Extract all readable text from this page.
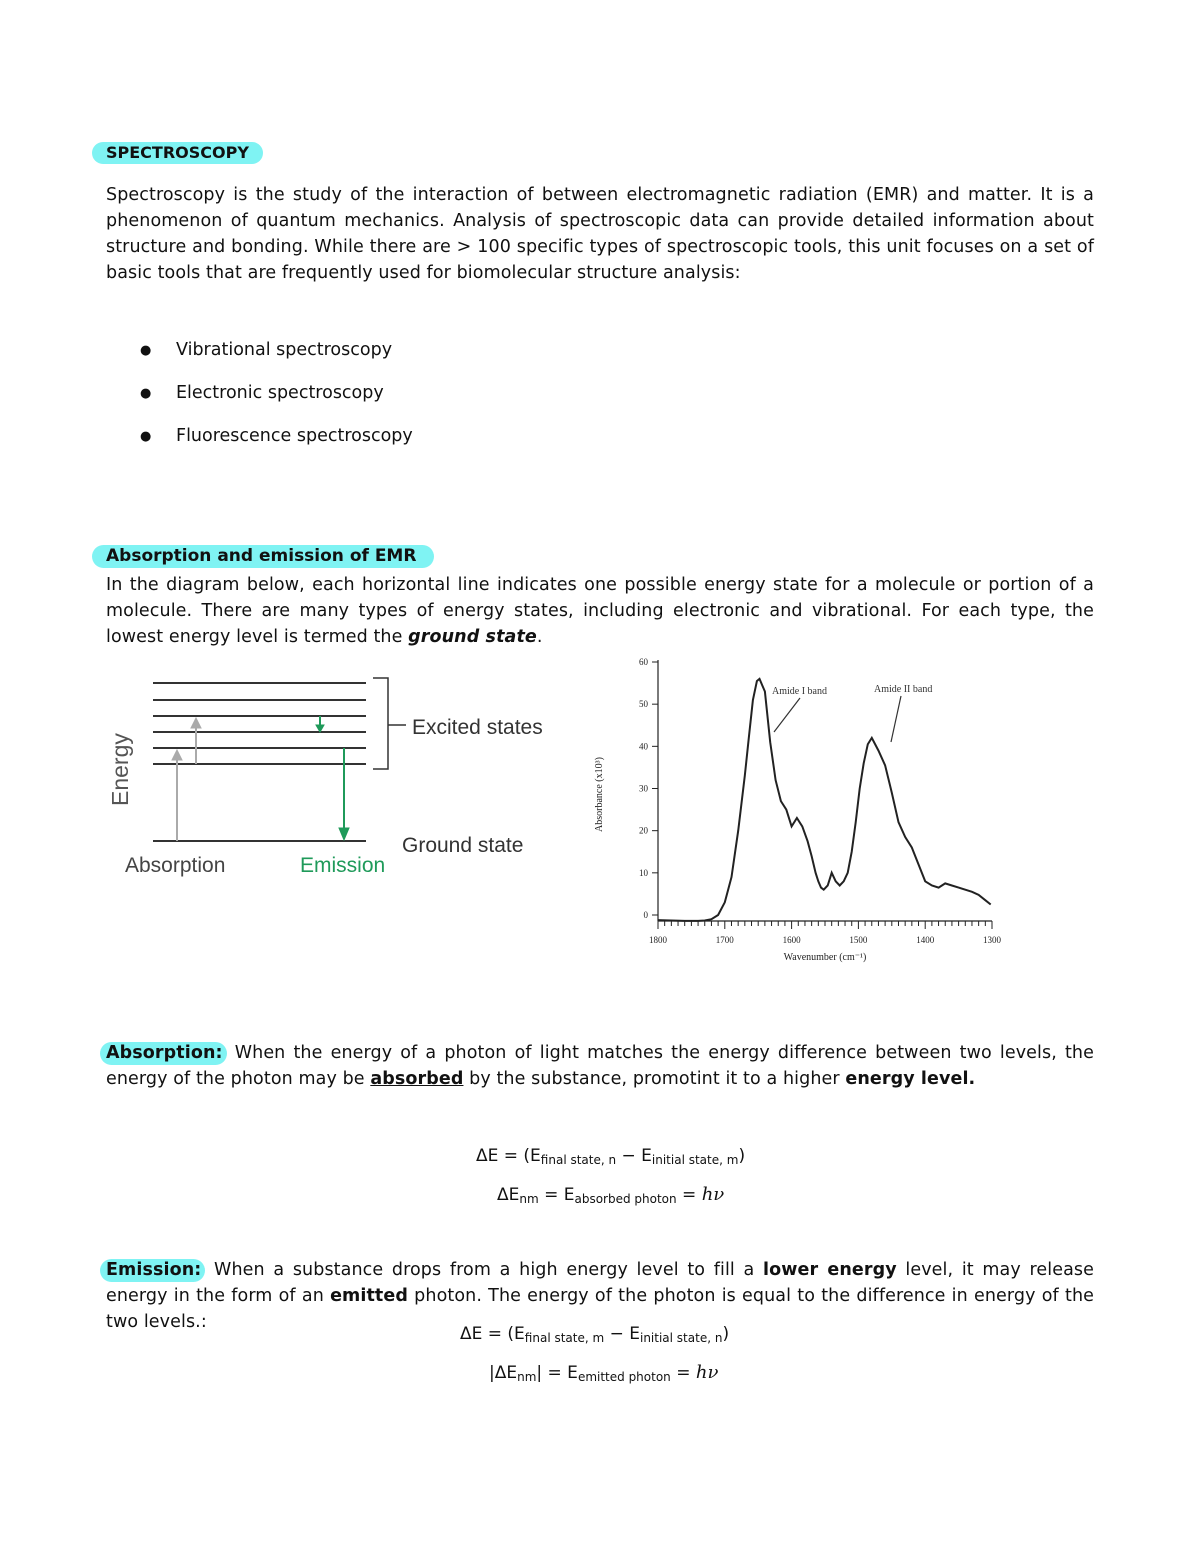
SPECTROSCOPY
Spectroscopy is the study of the interaction of between electromagnetic radiation (EMR) and matter. It is a phenomenon of quantum mechanics. Analysis of spectroscopic data can provide detailed information about structure and bonding. While there are > 100 specific types of spectroscopic tools, this unit focuses on a set of basic tools that are frequently used for biomolecular structure analysis:
● Vibrational spectroscopy
● Electronic spectroscopy
● Fluorescence spectroscopy
Absorption and emission of EMR
In the diagram below, each horizontal line indicates one possible energy state for a molecule or portion of a molecule. There are many types of energy states, including electronic and vibrational. For each type, the lowest energy level is termed the ground state.
Excited states
Ground state
Energy
Absorption	Emission
0
10
20
30
40
50
60
1800	1700	1600	1500	1400	1300
Amide I band	Amide II band
Absorbance (x10³)
Wavenumber (cm⁻¹)
Absorption: When the energy of a photon of light matches the energy difference between two levels, the energy of the photon may be absorbed by the substance, promotint it to a higher energy level.
$\Delta E = (E_{final state, n} - E_{initial state, m})$
$\Delta E_{nm} = E_{absorbed photon} = h\nu$
Emission: When a substance drops from a high energy level to fill a lower energy level, it may release energy in the form of an emitted photon. The energy of the photon is equal to the difference in energy of the two levels.:
$\Delta E = (E_{final state, m} - E_{initial state, n})$
$|\Delta E_{nm}| = E_{emitted photon} = h\nu$
